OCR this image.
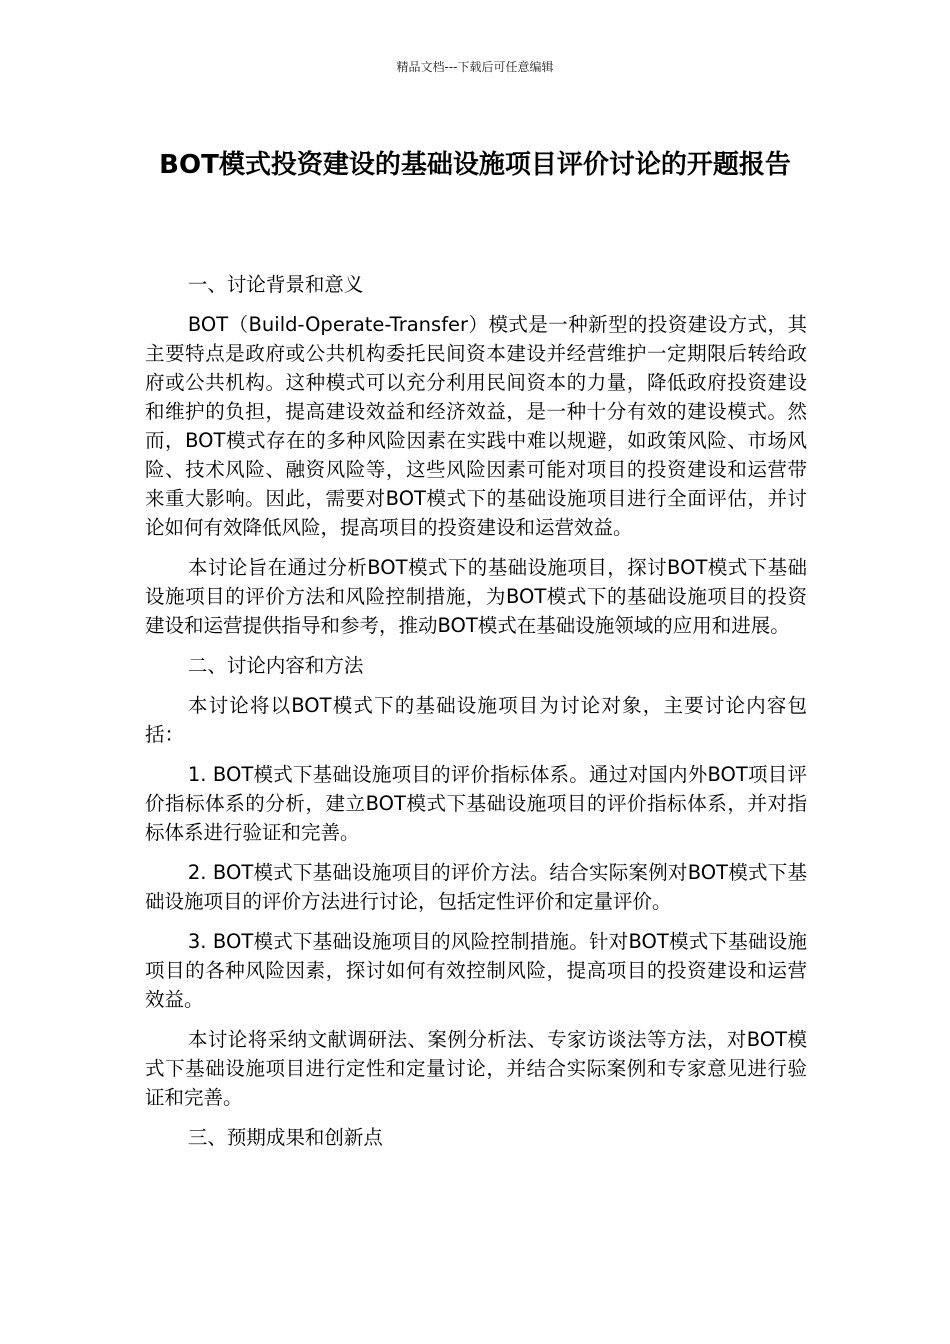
精品文档---下载后可任意编辑
BOT模式投资建设的基础设施项目评价讨论的开题报告

一、讨论背景和意义

BOT（Build-Operate-Transfer）模式是一种新型的投资建设方式，其主要特点是政府或公共机构委托民间资本建设并经营维护一定期限后转给政府或公共机构。这种模式可以充分利用民间资本的力量，降低政府投资建设和维护的负担，提高建设效益和经济效益，是一种十分有效的建设模式。然而，BOT模式存在的多种风险因素在实践中难以规避，如政策风险、市场风险、技术风险、融资风险等，这些风险因素可能对项目的投资建设和运营带来重大影响。因此，需要对BOT模式下的基础设施项目进行全面评估，并讨论如何有效降低风险，提高项目的投资建设和运营效益。

本讨论旨在通过分析BOT模式下的基础设施项目，探讨BOT模式下基础设施项目的评价方法和风险控制措施，为BOT模式下的基础设施项目的投资建设和运营提供指导和参考，推动BOT模式在基础设施领域的应用和进展。

二、讨论内容和方法

本讨论将以BOT模式下的基础设施项目为讨论对象，主要讨论内容包括：

1. BOT模式下基础设施项目的评价指标体系。通过对国内外BOT项目评价指标体系的分析，建立BOT模式下基础设施项目的评价指标体系，并对指标体系进行验证和完善。

2. BOT模式下基础设施项目的评价方法。结合实际案例对BOT模式下基础设施项目的评价方法进行讨论，包括定性评价和定量评价。

3. BOT模式下基础设施项目的风险控制措施。针对BOT模式下基础设施项目的各种风险因素，探讨如何有效控制风险，提高项目的投资建设和运营效益。

本讨论将采纳文献调研法、案例分析法、专家访谈法等方法，对BOT模式下基础设施项目进行定性和定量讨论，并结合实际案例和专家意见进行验证和完善。

三、预期成果和创新点
